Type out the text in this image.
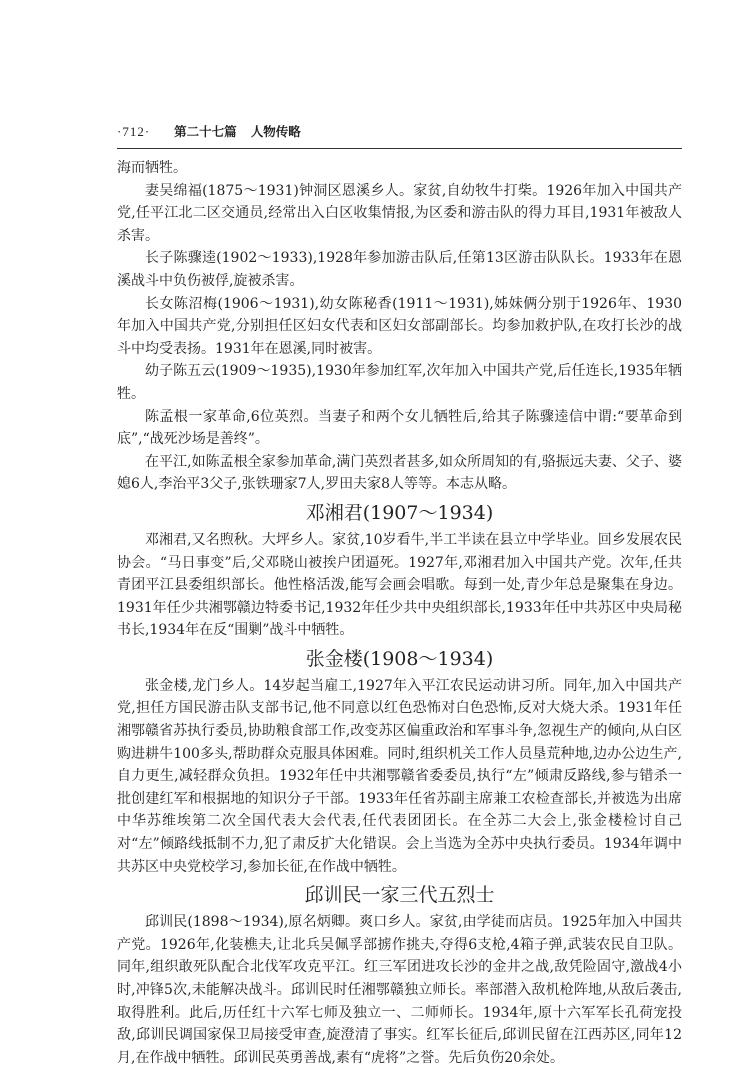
·712· 第二十七篇 人物传略

海而牺牲。

妻吴绵福(1875～1931)钟洞区恩溪乡人。家贫,自幼牧牛打柴。1926年加入中国共产党,任平江北二区交通员,经常出入白区收集情报,为区委和游击队的得力耳目,1931年被敌人杀害。

长子陈骤逵(1902～1933),1928年参加游击队后,任第13区游击队队长。1933年在恩溪战斗中负伤被俘,旋被杀害。

长女陈沼梅(1906～1931),幼女陈秘香(1911～1931),姊妹俩分别于1926年、1930年加入中国共产党,分别担任区妇女代表和区妇女部副部长。均参加救护队,在攻打长沙的战斗中均受表扬。1931年在恩溪,同时被害。

幼子陈五云(1909～1935),1930年参加红军,次年加入中国共产党,后任连长,1935年牺牲。

陈孟根一家革命,6位英烈。当妻子和两个女儿牺牲后,给其子陈骤逵信中谓:“要革命到底”,“战死沙场是善终”。

在平江,如陈孟根全家参加革命,满门英烈者甚多,如众所周知的有,骆振远夫妻、父子、婆媳6人,李治平3父子,张铁珊家7人,罗田夫家8人等等。本志从略。

邓湘君(1907～1934)

邓湘君,又名煦秋。大坪乡人。家贫,10岁看牛,半工半读在县立中学毕业。回乡发展农民协会。“马日事变”后,父邓晓山被挨户团逼死。1927年,邓湘君加入中国共产党。次年,任共青团平江县委组织部长。他性格活泼,能写会画会唱歌。每到一处,青少年总是聚集在身边。1931年任少共湘鄂赣边特委书记,1932年任少共中央组织部长,1933年任中共苏区中央局秘书长,1934年在反“围剿”战斗中牺牲。

张金楼(1908～1934)

张金楼,龙门乡人。14岁起当雇工,1927年入平江农民运动讲习所。同年,加入中国共产党,担任方国民游击队支部书记,他不同意以红色恐怖对白色恐怖,反对大烧大杀。1931年任湘鄂赣省苏执行委员,协助粮食部工作,改变苏区偏重政治和军事斗争,忽视生产的倾向,从白区购进耕牛100多头,帮助群众克服具体困难。同时,组织机关工作人员垦荒种地,边办公边生产,自力更生,减轻群众负担。1932年任中共湘鄂赣省委委员,执行“左”倾肃反路线,参与错杀一批创建红军和根据地的知识分子干部。1933年任省苏副主席兼工农检查部长,并被选为出席中华苏维埃第二次全国代表大会代表,任代表团团长。在全苏二大会上,张金楼检讨自己对“左”倾路线抵制不力,犯了肃反扩大化错误。会上当选为全苏中央执行委员。1934年调中共苏区中央党校学习,参加长征,在作战中牺牲。

邱训民一家三代五烈士

邱训民(1898～1934),原名炳卿。爽口乡人。家贫,由学徒而店员。1925年加入中国共产党。1926年,化装樵夫,让北兵吴佩孚部掳作挑夫,夺得6支枪,4箱子弹,武装农民自卫队。同年,组织敢死队配合北伐军攻克平江。红三军团进攻长沙的金井之战,敌凭险固守,激战4小时,冲锋5次,未能解决战斗。邱训民时任湘鄂赣独立师长。率部潜入敌机枪阵地,从敌后袭击,取得胜利。此后,历任红十六军七师及独立一、二师师长。1934年,原十六军军长孔荷宠投敌,邱训民调国家保卫局接受审查,旋澄清了事实。红军长征后,邱训民留在江西苏区,同年12月,在作战中牺牲。邱训民英勇善战,素有“虎将”之誉。先后负伤20余处。
